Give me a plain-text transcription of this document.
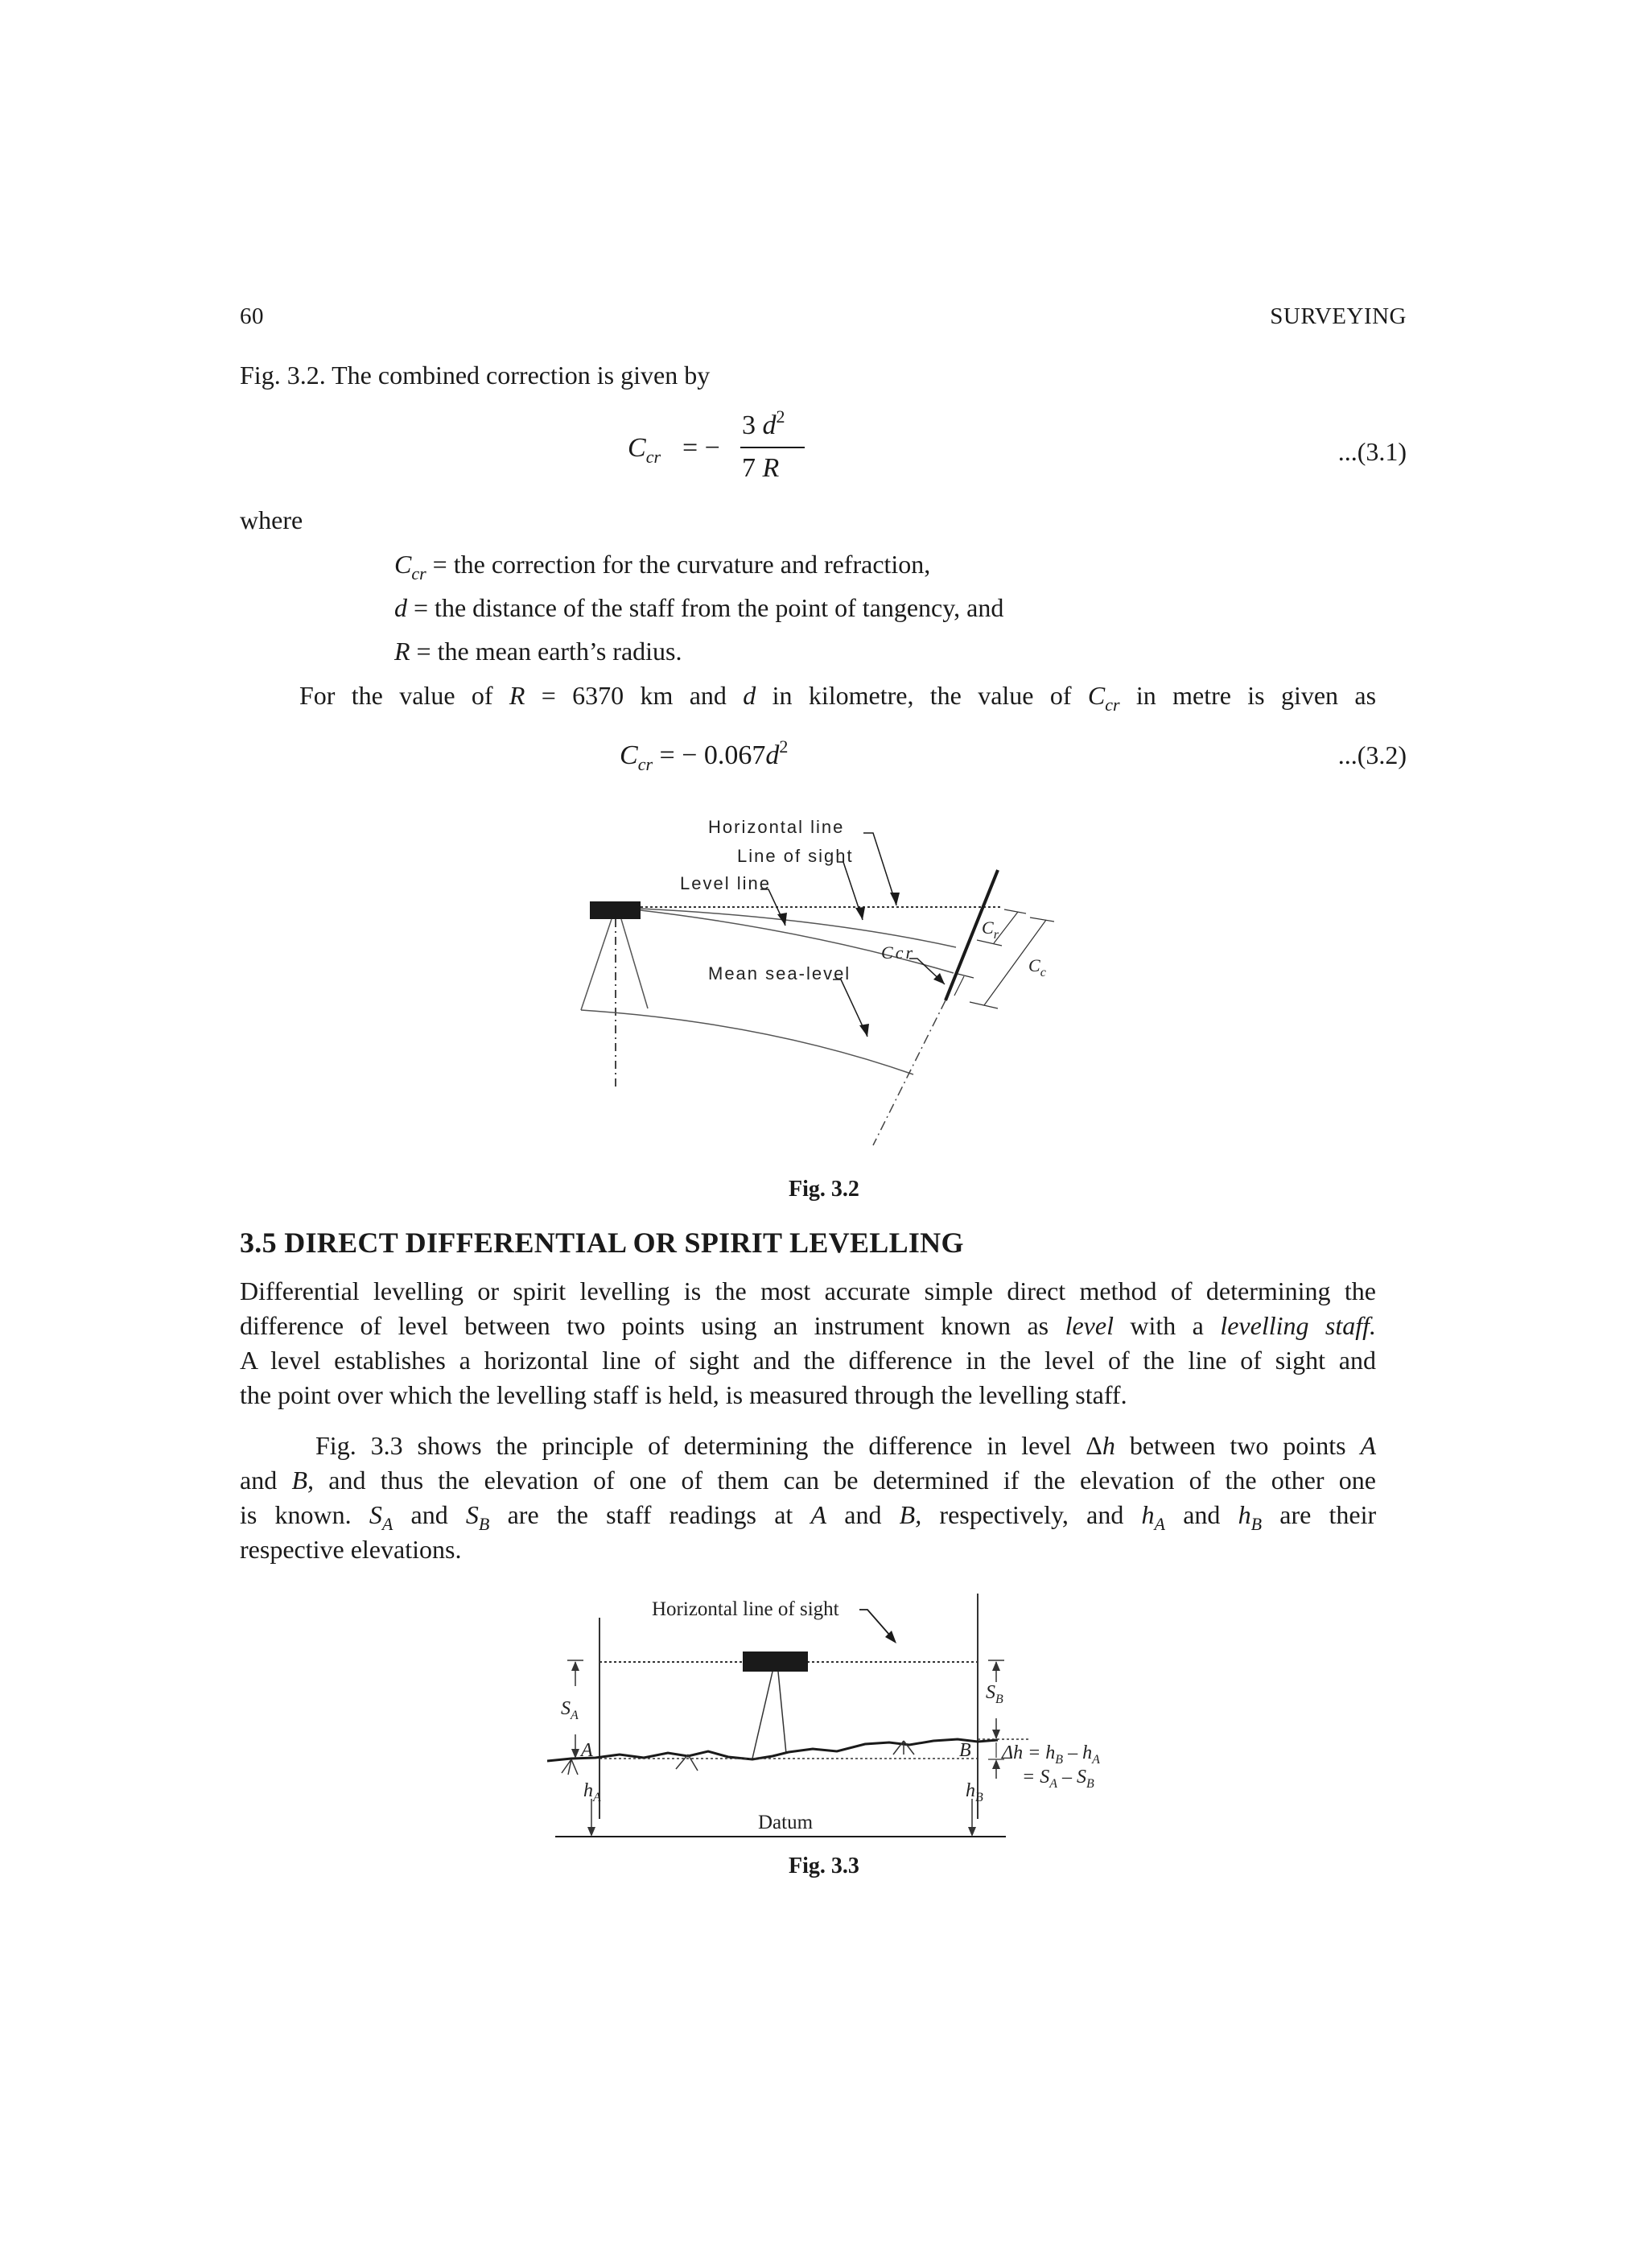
60	SURVEYING
Fig. 3.2. The combined correction is given by
$C_{cr}$ = −
3 $d^2$
7 R
...(3.1)
where
$C_{cr}$ = the correction for the curvature and refraction,
d = the distance of the staff from the point of tangency, and
R = the mean earth’s radius.
For the value of R = 6370 km and d in kilometre, the value of $C_{cr}$ in metre is given as
$C_{cr}$ = − $0.067d^2$	...(3.2)
Horizontal line
Line of sight
Level line
Mean sea-level
Ccr
$C_r$
$C_c$
Fig. 3.2
3.5 DIRECT DIFFERENTIAL OR SPIRIT LEVELLING
Differential levelling or spirit levelling is the most accurate simple direct method of determining the
difference of level between two points using an instrument known as level with a levelling staff.
A level establishes a horizontal line of sight and the difference in the level of the line of sight and
the point over which the levelling staff is held, is measured through the levelling staff.
Fig. 3.3 shows the principle of determining the difference in level Δh between two points A
and B, and thus the elevation of one of them can be determined if the elevation of the other one
is known. $S_A$ and $S_B$ are the staff readings at A and B, respectively, and $h_A$ and $h_B$ are their
respective elevations.
Horizontal line of sight
$S_A$
$S_B$
A	B
$h_A$	$h_B$
$\Delta h = h_B - h_A$
= $S_A - S_B$
Datum
Fig. 3.3
